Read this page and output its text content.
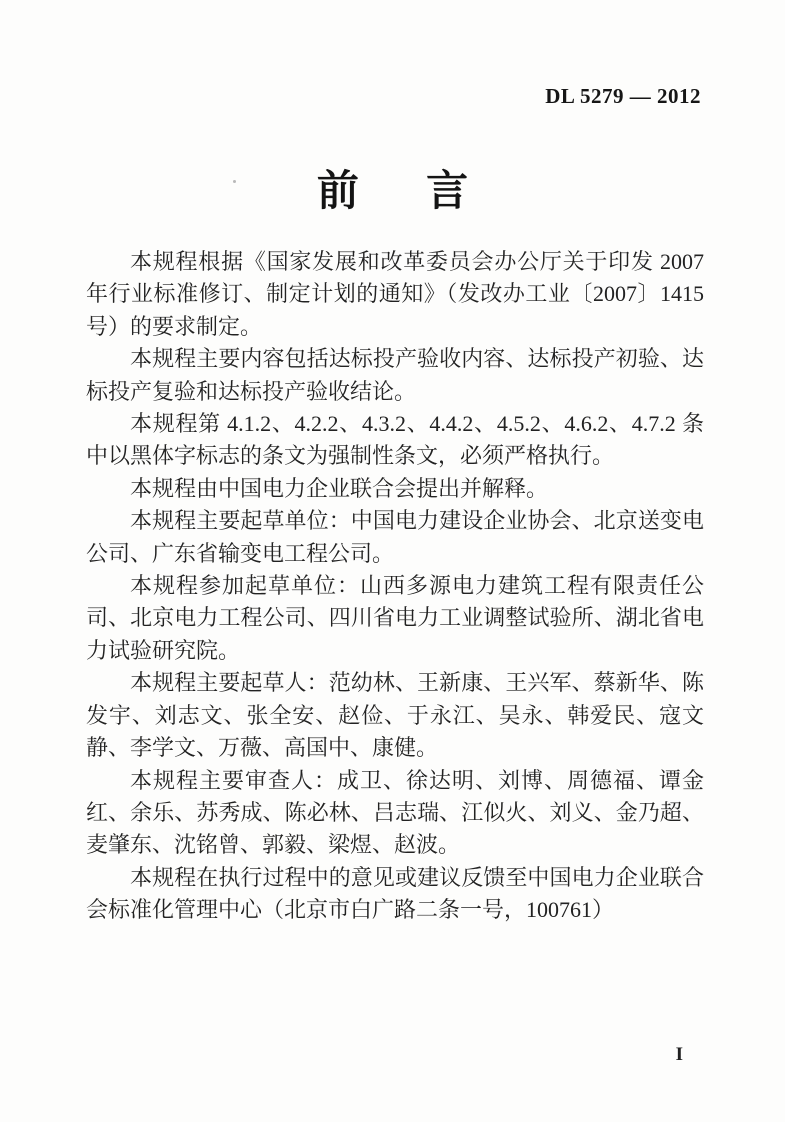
DL 5279 — 2012
前　言

本规程根据《国家发展和改革委员会办公厅关于印发 2007 年行业标准修订、制定计划的通知》（发改办工业〔2007〕1415 号）的要求制定。

本规程主要内容包括达标投产验收内容、达标投产初验、达标投产复验和达标投产验收结论。

本规程第 4.1.2、4.2.2、4.3.2、4.4.2、4.5.2、4.6.2、4.7.2 条中以黑体字标志的条文为强制性条文，必须严格执行。

本规程由中国电力企业联合会提出并解释。

本规程主要起草单位：中国电力建设企业协会、北京送变电公司、广东省输变电工程公司。

本规程参加起草单位：山西多源电力建筑工程有限责任公司、北京电力工程公司、四川省电力工业调整试验所、湖北省电力试验研究院。

本规程主要起草人：范幼林、王新康、王兴军、蔡新华、陈发宇、刘志文、张全安、赵俭、于永江、吴永、韩爱民、寇文静、李学文、万薇、高国中、康健。

本规程主要审查人：成卫、徐达明、刘博、周德福、谭金红、余乐、苏秀成、陈必林、吕志瑞、江似火、刘义、金乃超、麦肇东、沈铭曾、郭毅、梁煜、赵波。

本规程在执行过程中的意见或建议反馈至中国电力企业联合会标准化管理中心（北京市白广路二条一号，100761）

I
